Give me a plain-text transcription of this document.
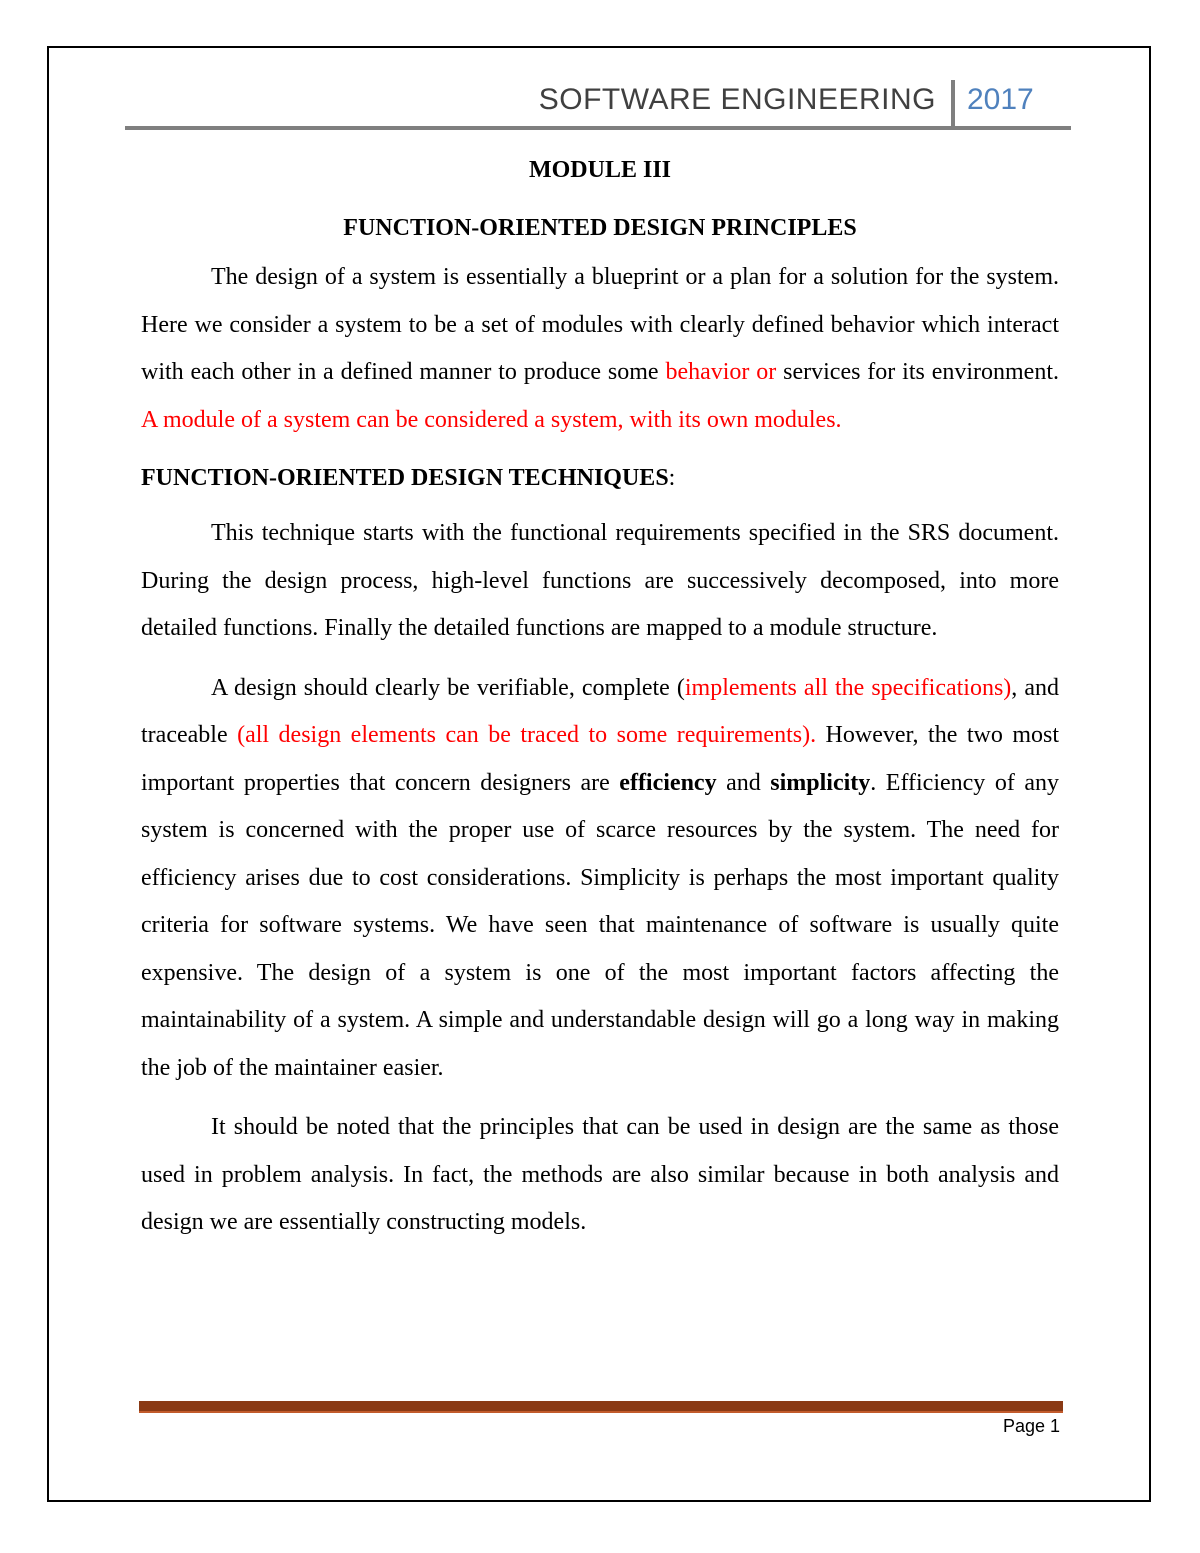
SOFTWARE ENGINEERING 2017

MODULE III

FUNCTION-ORIENTED DESIGN PRINCIPLES

The design of a system is essentially a blueprint or a plan for a solution for the system. Here we consider a system to be a set of modules with clearly defined behavior which interact with each other in a defined manner to produce some behavior or services for its environment. A module of a system can be considered a system, with its own modules.

FUNCTION-ORIENTED DESIGN TECHNIQUES:

This technique starts with the functional requirements specified in the SRS document. During the design process, high-level functions are successively decomposed, into more detailed functions. Finally the detailed functions are mapped to a module structure.

A design should clearly be verifiable, complete (implements all the specifications), and traceable (all design elements can be traced to some requirements). However, the two most important properties that concern designers are efficiency and simplicity. Efficiency of any system is concerned with the proper use of scarce resources by the system. The need for efficiency arises due to cost considerations. Simplicity is perhaps the most important quality criteria for software systems. We have seen that maintenance of software is usually quite expensive. The design of a system is one of the most important factors affecting the maintainability of a system. A simple and understandable design will go a long way in making the job of the maintainer easier.

It should be noted that the principles that can be used in design are the same as those used in problem analysis. In fact, the methods are also similar because in both analysis and design we are essentially constructing models.

Page 1
